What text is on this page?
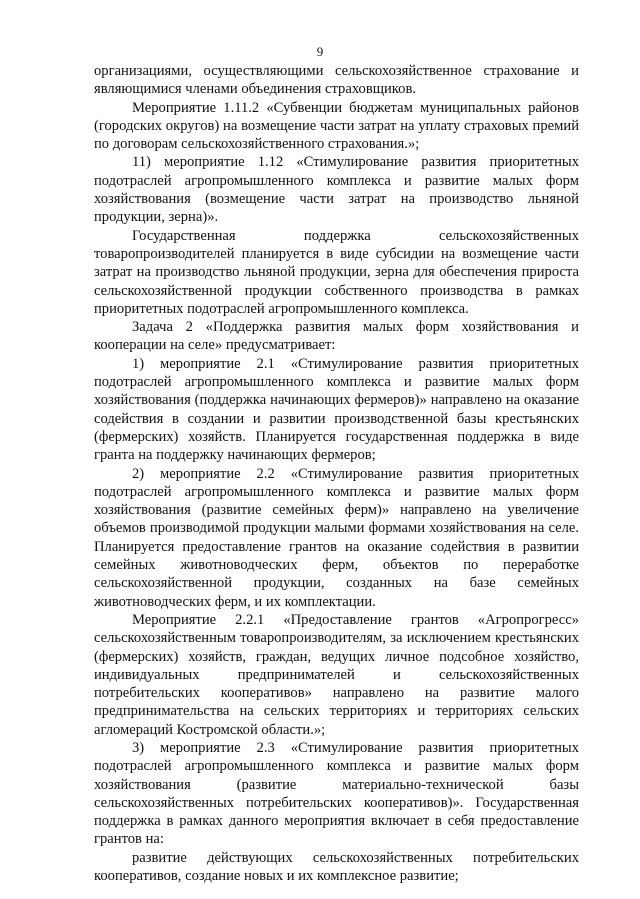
9

организациями, осуществляющими сельскохозяйственное страхование и являющимися членами объединения страховщиков.

Мероприятие 1.11.2 «Субвенции бюджетам муниципальных районов (городских округов) на возмещение части затрат на уплату страховых премий по договорам сельскохозяйственного страхования.»;

11) мероприятие 1.12 «Стимулирование развития приоритетных подотраслей агропромышленного комплекса и развитие малых форм хозяйствования (возмещение части затрат на производство льняной продукции, зерна)».

Государственная поддержка сельскохозяйственных товаропроизводителей планируется в виде субсидии на возмещение части затрат на производство льняной продукции, зерна для обеспечения прироста сельскохозяйственной продукции собственного производства в рамках приоритетных подотраслей агропромышленного комплекса.

Задача 2 «Поддержка развития малых форм хозяйствования и кооперации на селе» предусматривает:

1) мероприятие 2.1 «Стимулирование развития приоритетных подотраслей агропромышленного комплекса и развитие малых форм хозяйствования (поддержка начинающих фермеров)» направлено на оказание содействия в создании и развитии производственной базы крестьянских (фермерских) хозяйств. Планируется государственная поддержка в виде гранта на поддержку начинающих фермеров;

2) мероприятие 2.2 «Стимулирование развития приоритетных подотраслей агропромышленного комплекса и развитие малых форм хозяйствования (развитие семейных ферм)» направлено на увеличение объемов производимой продукции малыми формами хозяйствования на селе. Планируется предоставление грантов на оказание содействия в развитии семейных животноводческих ферм, объектов по переработке сельскохозяйственной продукции, созданных на базе семейных животноводческих ферм, и их комплектации.

Мероприятие 2.2.1 «Предоставление грантов «Агропрогресс» сельскохозяйственным товаропроизводителям, за исключением крестьянских (фермерских) хозяйств, граждан, ведущих личное подсобное хозяйство, индивидуальных предпринимателей и сельскохозяйственных потребительских кооперативов» направлено на развитие малого предпринимательства на сельских территориях и территориях сельских агломераций Костромской области.»;

3) мероприятие 2.3 «Стимулирование развития приоритетных подотраслей агропромышленного комплекса и развитие малых форм хозяйствования (развитие материально-технической базы сельскохозяйственных потребительских кооперативов)». Государственная поддержка в рамках данного мероприятия включает в себя предоставление грантов на:

развитие действующих сельскохозяйственных потребительских кооперативов, создание новых и их комплексное развитие;
